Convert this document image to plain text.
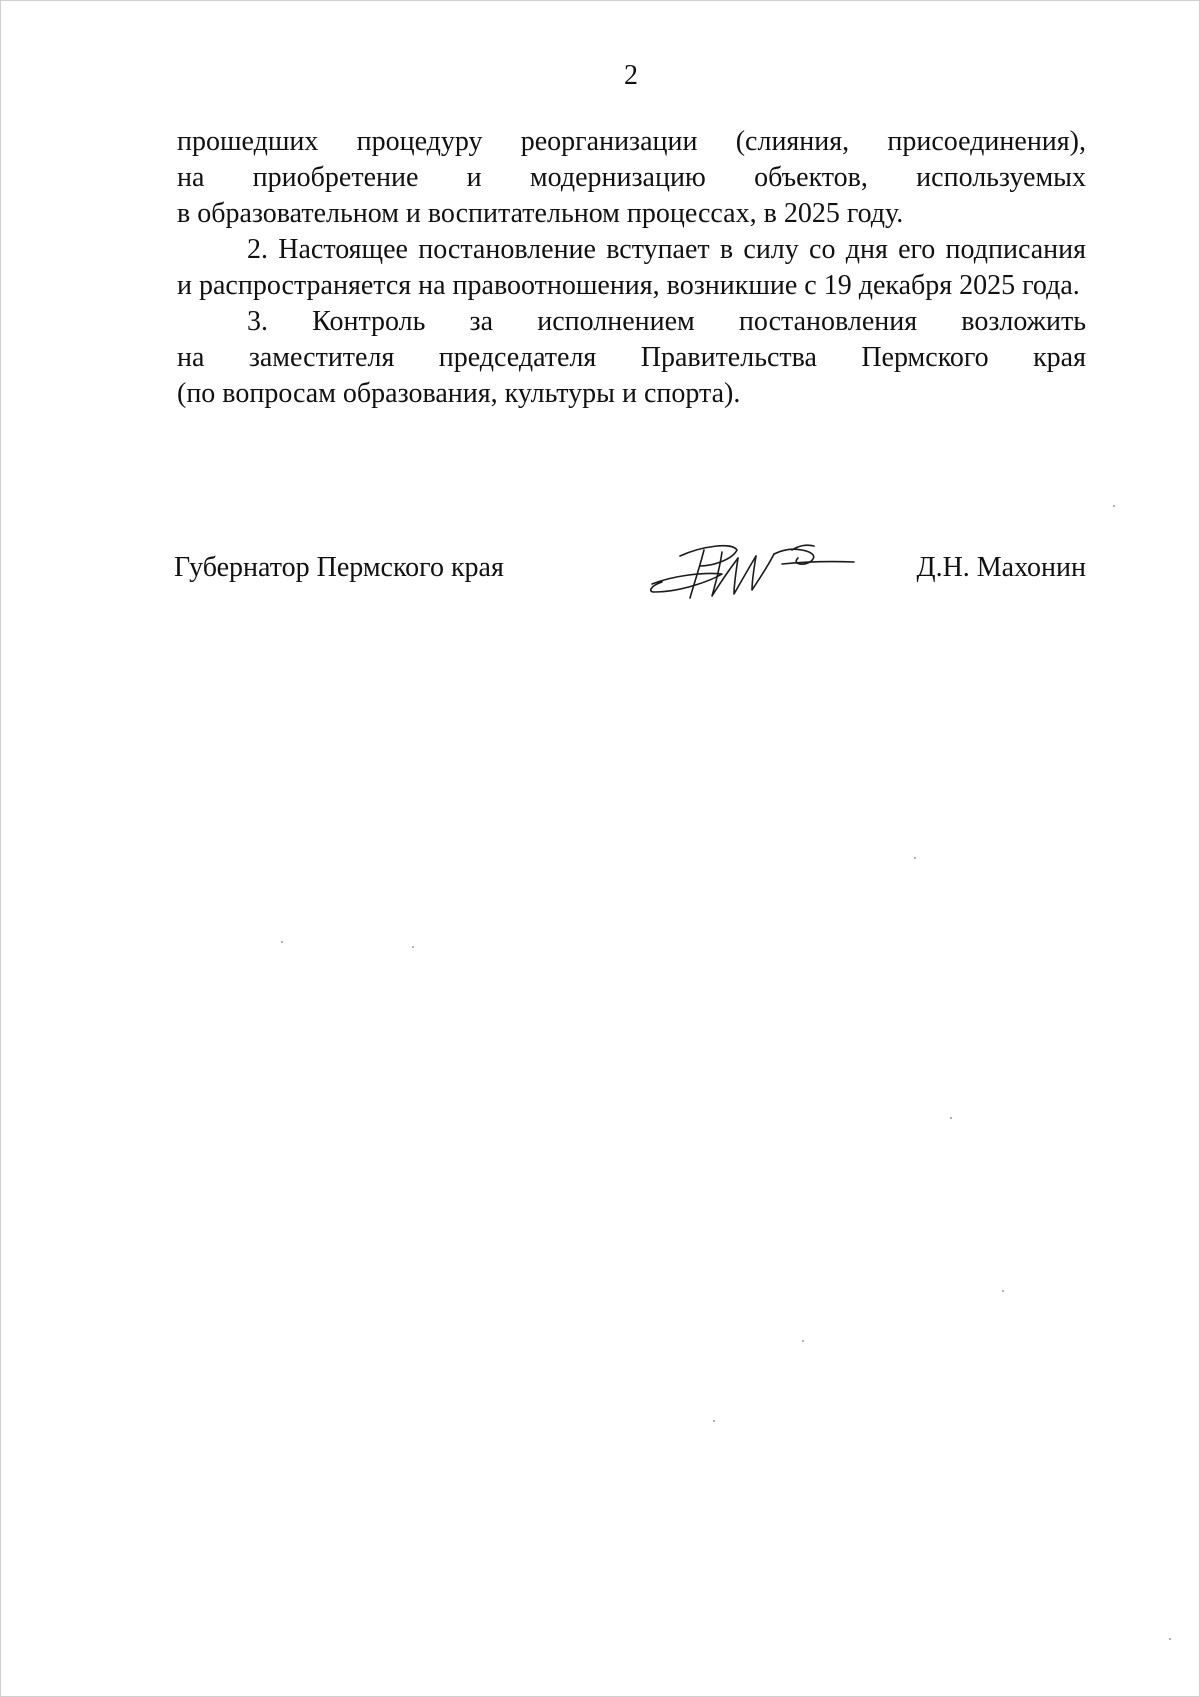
2

прошедших процедуру реорганизации (слияния, присоединения),
на приобретение и модернизацию объектов, используемых
в образовательном и воспитательном процессах, в 2025 году.

2. Настоящее постановление вступает в силу со дня его подписания
и распространяется на правоотношения, возникшие с 19 декабря 2025 года.

3. Контроль за исполнением постановления возложить
на заместителя председателя Правительства Пермского края
(по вопросам образования, культуры и спорта).

Губернатор Пермского края	Д.Н. Махонин
